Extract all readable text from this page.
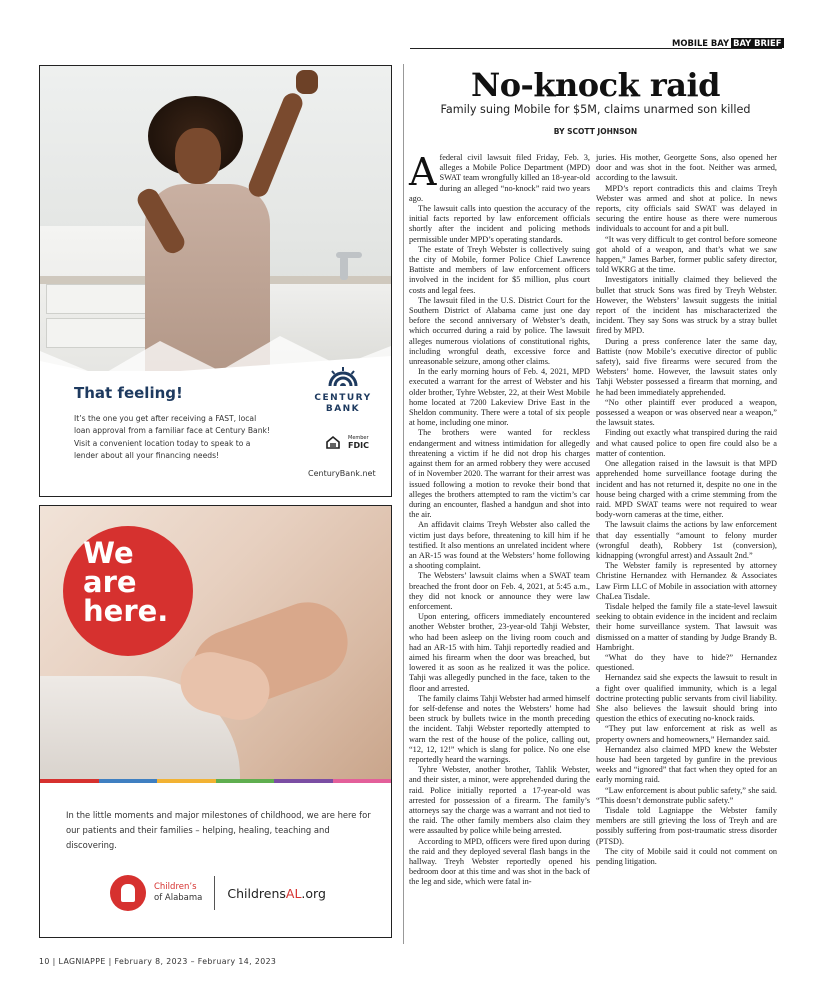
MOBILE BAY BAY BRIEF
That feeling!
It’s the one you get after receiving a FAST, local loan approval from a familiar face at Century Bank! Visit a convenient location today to speak to a lender about all your financing needs!
CENTURY
BANK
Member
FDIC
CenturyBank.net
We
are
here.
In the little moments and major milestones of childhood, we are here for our patients and their families – helping, healing, teaching and discovering.
Children’s
of Alabama ChildrensAL.org
No-knock raid
Family suing Mobile for $5M, claims unarmed son killed
BY SCOTT JOHNSON

Afederal civil lawsuit filed Friday, Feb. 3, alleges a Mobile Police Department (MPD) SWAT team wrongfully killed an 18-year-old during an alleged “no-knock” raid two years ago.

The lawsuit calls into question the accuracy of the initial facts reported by law enforcement officials shortly after the incident and policing methods permissible under MPD’s operating standards.

The estate of Treyh Webster is collectively suing the city of Mobile, former Police Chief Lawrence Battiste and members of law enforcement officers involved in the incident for $5 million, plus court costs and legal fees.

The lawsuit filed in the U.S. District Court for the Southern District of Alabama came just one day before the second anniversary of Webster’s death, which occurred during a raid by police. The lawsuit alleges numerous violations of constitutional rights, including wrongful death, excessive force and unreasonable seizure, among other claims.

In the early morning hours of Feb. 4, 2021, MPD executed a warrant for the arrest of Webster and his older brother, Tyhre Webster, 22, at their West Mobile home located at 7200 Lakeview Drive East in the Sheldon community. There were a total of six people at home, including one minor.

The brothers were wanted for reckless endangerment and witness intimidation for allegedly threatening a victim if he did not drop his charges against them for an armed robbery they were accused of in November 2020. The warrant for their arrest was issued following a motion to revoke their bond that alleges the brothers attempted to ram the victim’s car during an encounter, flashed a handgun and shot into the air.

An affidavit claims Treyh Webster also called the victim just days before, threatening to kill him if he testified. It also mentions an unrelated incident where an AR-15 was found at the Websters’ home following a shooting complaint.

The Websters’ lawsuit claims when a SWAT team breached the front door on Feb. 4, 2021, at 5:45 a.m., they did not knock or announce they were law enforcement.

Upon entering, officers immediately encountered another Webster brother, 23-year-old Tahji Webster, who had been asleep on the living room couch and had an AR-15 with him. Tahji reportedly readied and aimed his firearm when the door was breached, but lowered it as soon as he realized it was the police. Tahji was allegedly punched in the face, taken to the floor and arrested.

The family claims Tahji Webster had armed himself for self-defense and notes the Websters’ home had been struck by bullets twice in the month preceding the incident. Tahji Webster reportedly attempted to warn the rest of the house of the police, calling out, “12, 12, 12!” which is slang for police. No one else reportedly heard the warnings.

Tyhre Webster, another brother, Tahlik Webster, and their sister, a minor, were apprehended during the raid. Police initially reported a 17-year-old was arrested for possession of a firearm. The family’s attorneys say the charge was a warrant and not tied to the raid. The other family members also claim they were assaulted by police while being arrested.

According to MPD, officers were fired upon during the raid and they deployed several flash bangs in the hallway. Treyh Webster reportedly opened his bedroom door at this time and was shot in the back of the leg and side, which were fatal in-

juries. His mother, Georgette Sons, also opened her door and was shot in the foot. Neither was armed, according to the lawsuit.

MPD’s report contradicts this and claims Treyh Webster was armed and shot at police. In news reports, city officials said SWAT was delayed in securing the entire house as there were numerous individuals to account for and a pit bull.

“It was very difficult to get control before someone got ahold of a weapon, and that’s what we saw happen,” James Barber, former public safety director, told WKRG at the time.

Investigators initially claimed they believed the bullet that struck Sons was fired by Treyh Webster. However, the Websters’ lawsuit suggests the initial report of the incident has mischaracterized the incident. They say Sons was struck by a stray bullet fired by MPD.

During a press conference later the same day, Battiste (now Mobile’s executive director of public safety), said five firearms were secured from the Websters’ home. However, the lawsuit states only Tahji Webster possessed a firearm that morning, and he had been immediately apprehended.

“No other plaintiff ever produced a weapon, possessed a weapon or was observed near a weapon,” the lawsuit states.

Finding out exactly what transpired during the raid and what caused police to open fire could also be a matter of contention.

One allegation raised in the lawsuit is that MPD apprehended home surveillance footage during the incident and has not returned it, despite no one in the house being charged with a crime stemming from the raid. MPD SWAT teams were not required to wear body-worn cameras at the time, either.

The lawsuit claims the actions by law enforcement that day essentially “amount to felony murder (wrongful death), Robbery 1st (conversion), kidnapping (wrongful arrest) and Assault 2nd.”

The Webster family is represented by attorney Christine Hernandez with Hernandez & Associates Law Firm LLC of Mobile in association with attorney ChaLea Tisdale.

Tisdale helped the family file a state-level lawsuit seeking to obtain evidence in the incident and reclaim their home surveillance system. That lawsuit was dismissed on a matter of standing by Judge Brandy B. Hambright.

“What do they have to hide?” Hernandez questioned.

Hernandez said she expects the lawsuit to result in a fight over qualified immunity, which is a legal doctrine protecting public servants from civil liability. She also believes the lawsuit should bring into question the ethics of executing no-knock raids.

“They put law enforcement at risk as well as property owners and homeowners,” Hernandez said.

Hernandez also claimed MPD knew the Webster house had been targeted by gunfire in the previous weeks and “ignored” that fact when they opted for an early morning raid.

“Law enforcement is about public safety,” she said. “This doesn’t demonstrate public safety.”

Tisdale told Lagniappe the Webster family members are still grieving the loss of Treyh and are possibly suffering from post-traumatic stress disorder (PTSD).

The city of Mobile said it could not comment on pending litigation.

10 | LAGNIAPPE | February 8, 2023 – February 14, 2023
